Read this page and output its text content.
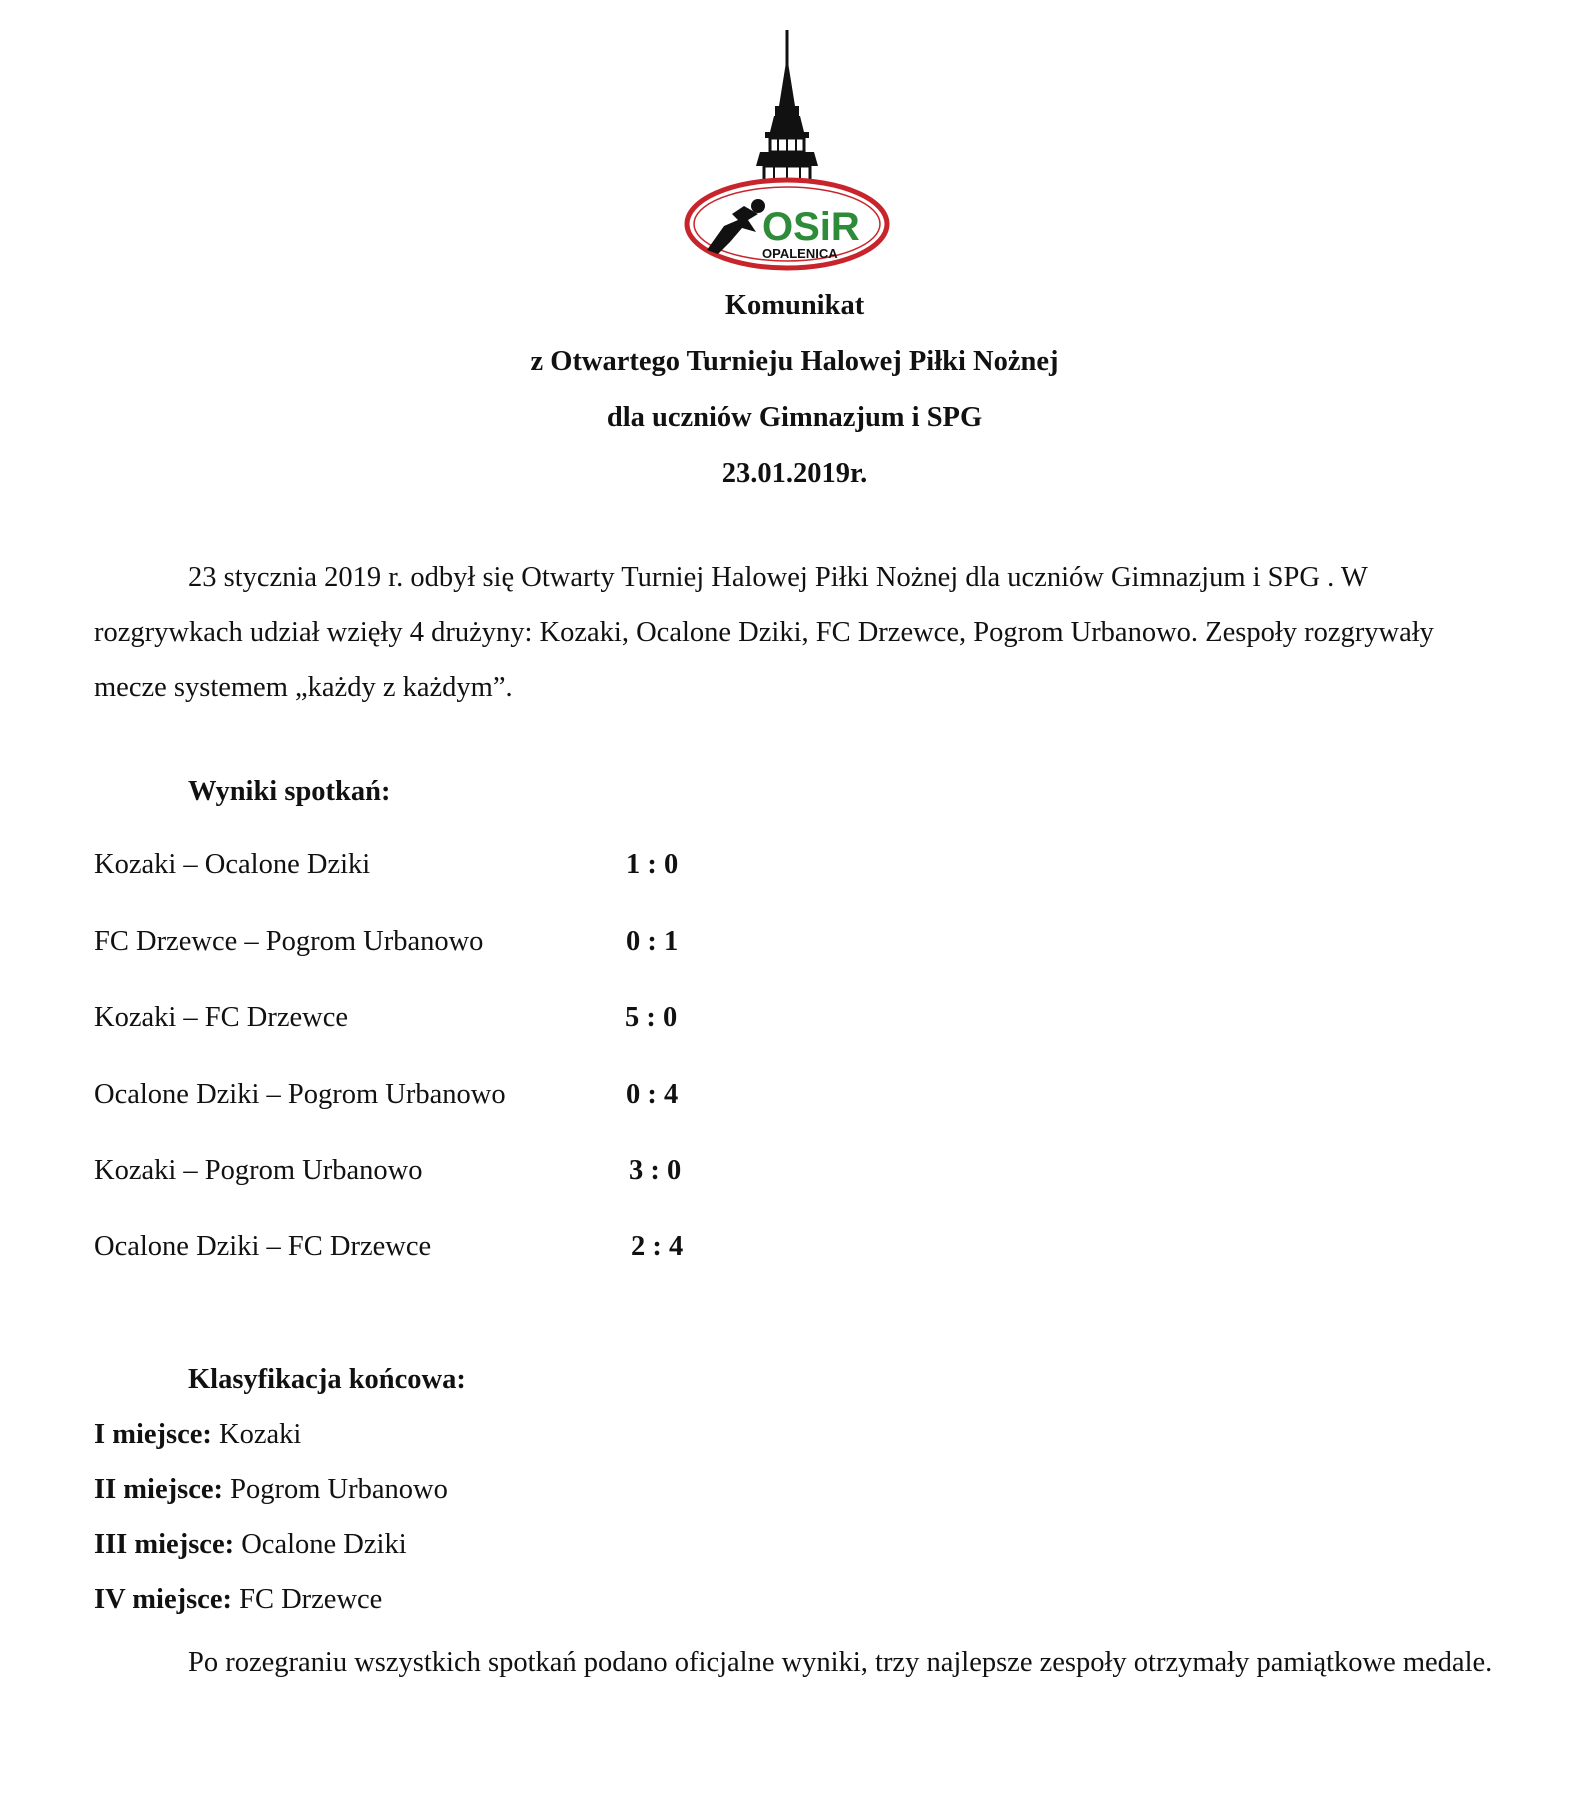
OSiR
OPALENICA
Komunikat
z Otwartego Turnieju Halowej Piłki Nożnej
dla uczniów Gimnazjum i SPG
23.01.2019r.

23 stycznia 2019 r. odbył się Otwarty Turniej Halowej Piłki Nożnej dla uczniów Gimnazjum i SPG . W rozgrywkach udział wzięły 4 drużyny: Kozaki, Ocalone Dziki, FC Drzewce, Pogrom Urbanowo. Zespoły rozgrywały mecze systemem „każdy z każdym”.

Wyniki spotkań:
Kozaki – Ocalone Dziki	1 : 0
FC Drzewce – Pogrom Urbanowo	0 : 1
Kozaki – FC Drzewce	5 : 0
Ocalone Dziki – Pogrom Urbanowo	0 : 4
Kozaki – Pogrom Urbanowo	3 : 0
Ocalone Dziki – FC Drzewce	2 : 4
Klasyfikacja końcowa:
I miejsce: Kozaki
II miejsce: Pogrom Urbanowo
III miejsce: Ocalone Dziki
IV miejsce: FC Drzewce

Po rozegraniu wszystkich spotkań podano oficjalne wyniki, trzy najlepsze zespoły otrzymały pamiątkowe medale.
